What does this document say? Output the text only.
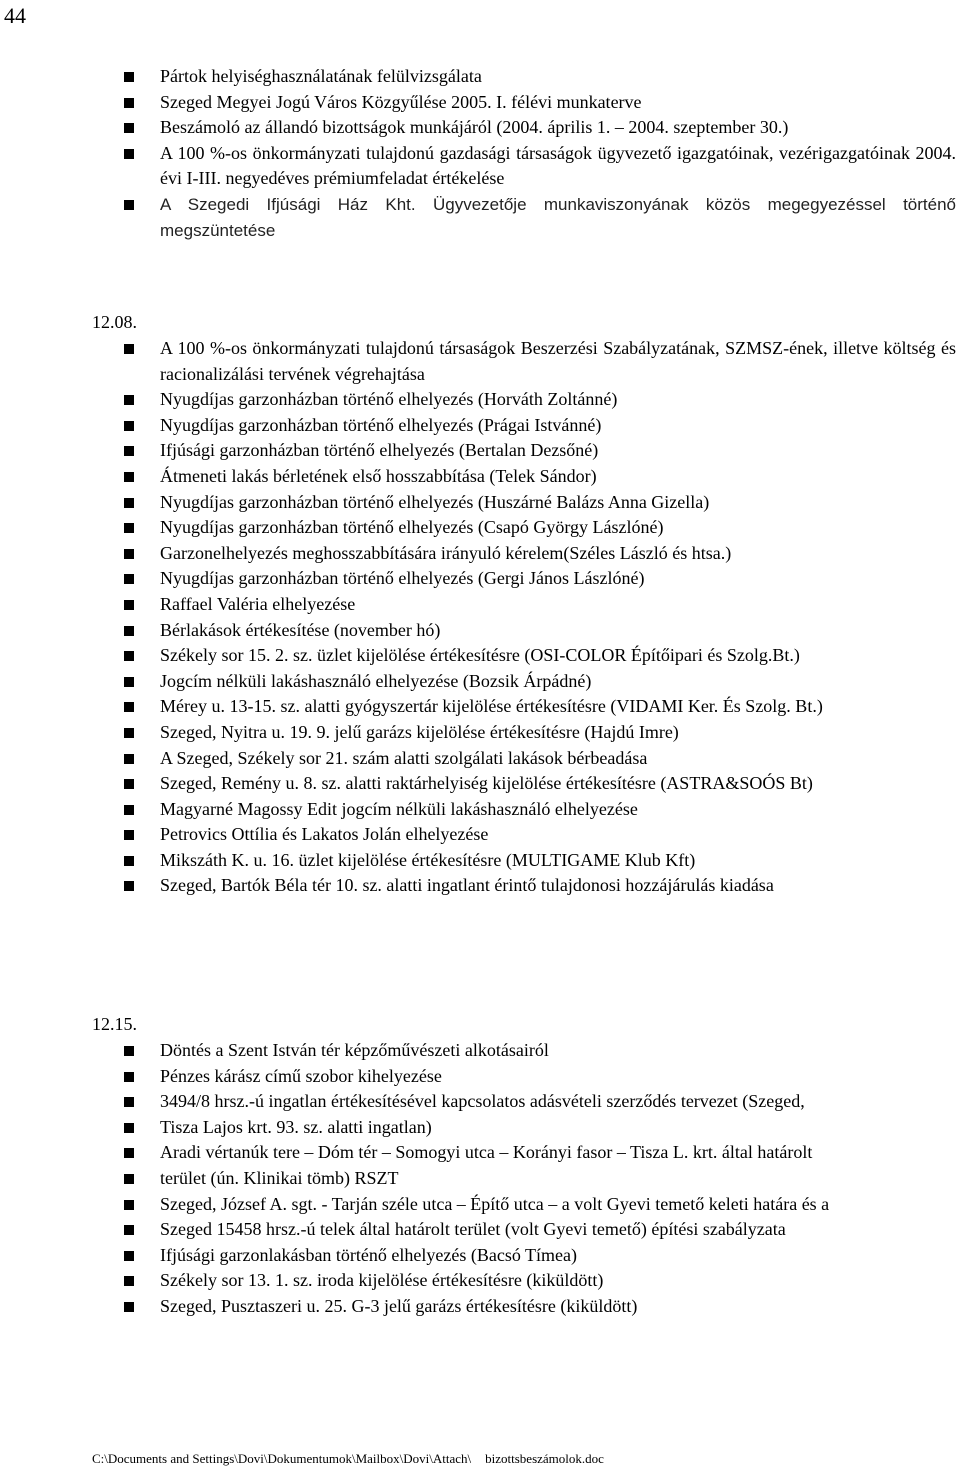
44
Pártok helyiséghasználatának felülvizsgálata
Szeged Megyei Jogú Város Közgyűlése 2005. I. félévi munkaterve
Beszámoló az állandó bizottságok munkájáról (2004. április 1. – 2004. szeptember 30.)
A 100 %-os önkormányzati tulajdonú gazdasági társaságok ügyvezető igazgatóinak, vezérigazgatóinak 2004. évi I-III. negyedéves prémiumfeladat értékelése
A Szegedi Ifjúsági Ház Kht. Ügyvezetője munkaviszonyának közös megegyezéssel történő megszüntetése
12.08.
A 100 %-os önkormányzati tulajdonú társaságok Beszerzési Szabályzatának, SZMSZ-ének, illetve költség és racionalizálási tervének végrehajtása
Nyugdíjas garzonházban történő elhelyezés (Horváth Zoltánné)
Nyugdíjas garzonházban történő elhelyezés (Prágai Istvánné)
Ifjúsági garzonházban történő elhelyezés (Bertalan Dezsőné)
Átmeneti lakás bérletének első hosszabbítása (Telek Sándor)
Nyugdíjas garzonházban történő elhelyezés (Huszárné Balázs Anna Gizella)
Nyugdíjas garzonházban történő elhelyezés (Csapó György Lászlóné)
Garzonelhelyezés meghosszabbítására irányuló kérelem(Széles László és htsa.)
Nyugdíjas garzonházban történő elhelyezés (Gergi János Lászlóné)
Raffael Valéria elhelyezése
Bérlakások értékesítése (november hó)
Székely sor 15. 2. sz. üzlet kijelölése értékesítésre (OSI-COLOR Építőipari és Szolg.Bt.)
Jogcím nélküli lakáshasználó elhelyezése (Bozsik Árpádné)
Mérey u. 13-15. sz. alatti gyógyszertár kijelölése értékesítésre (VIDAMI Ker. És Szolg. Bt.)
Szeged, Nyitra u. 19. 9. jelű garázs kijelölése értékesítésre (Hajdú Imre)
A Szeged, Székely sor 21. szám alatti szolgálati lakások bérbeadása
Szeged, Remény u. 8. sz. alatti raktárhelyiség kijelölése értékesítésre (ASTRA&SOÓS Bt)
Magyarné Magossy Edit jogcím nélküli lakáshasználó elhelyezése
Petrovics Ottília és Lakatos Jolán elhelyezése
Mikszáth K. u. 16. üzlet kijelölése értékesítésre (MULTIGAME Klub Kft)
Szeged, Bartók Béla tér 10. sz. alatti ingatlant érintő tulajdonosi hozzájárulás kiadása
12.15.
Döntés a Szent István tér képzőművészeti alkotásairól
Pénzes kárász című szobor kihelyezése
3494/8 hrsz.-ú ingatlan értékesítésével kapcsolatos adásvételi szerződés tervezet (Szeged,
Tisza Lajos krt. 93. sz. alatti ingatlan)
Aradi vértanúk tere – Dóm tér – Somogyi utca – Korányi fasor – Tisza L. krt. által határolt
terület (ún. Klinikai tömb) RSZT
Szeged, József A. sgt. - Tarján széle utca – Építő utca – a volt Gyevi temető keleti határa és a
Szeged 15458 hrsz.-ú telek által határolt terület (volt Gyevi temető) építési szabályzata
Ifjúsági garzonlakásban történő elhelyezés (Bacsó Tímea)
Székely sor 13. 1. sz. iroda kijelölése értékesítésre (kiküldött)
Szeged, Pusztaszeri u. 25. G-3 jelű garázs értékesítésre (kiküldött)
C:\Documents and Settings\Dovi\Dokumentumok\Mailbox\Dovi\Attach\ bizottsbeszámolok.doc
